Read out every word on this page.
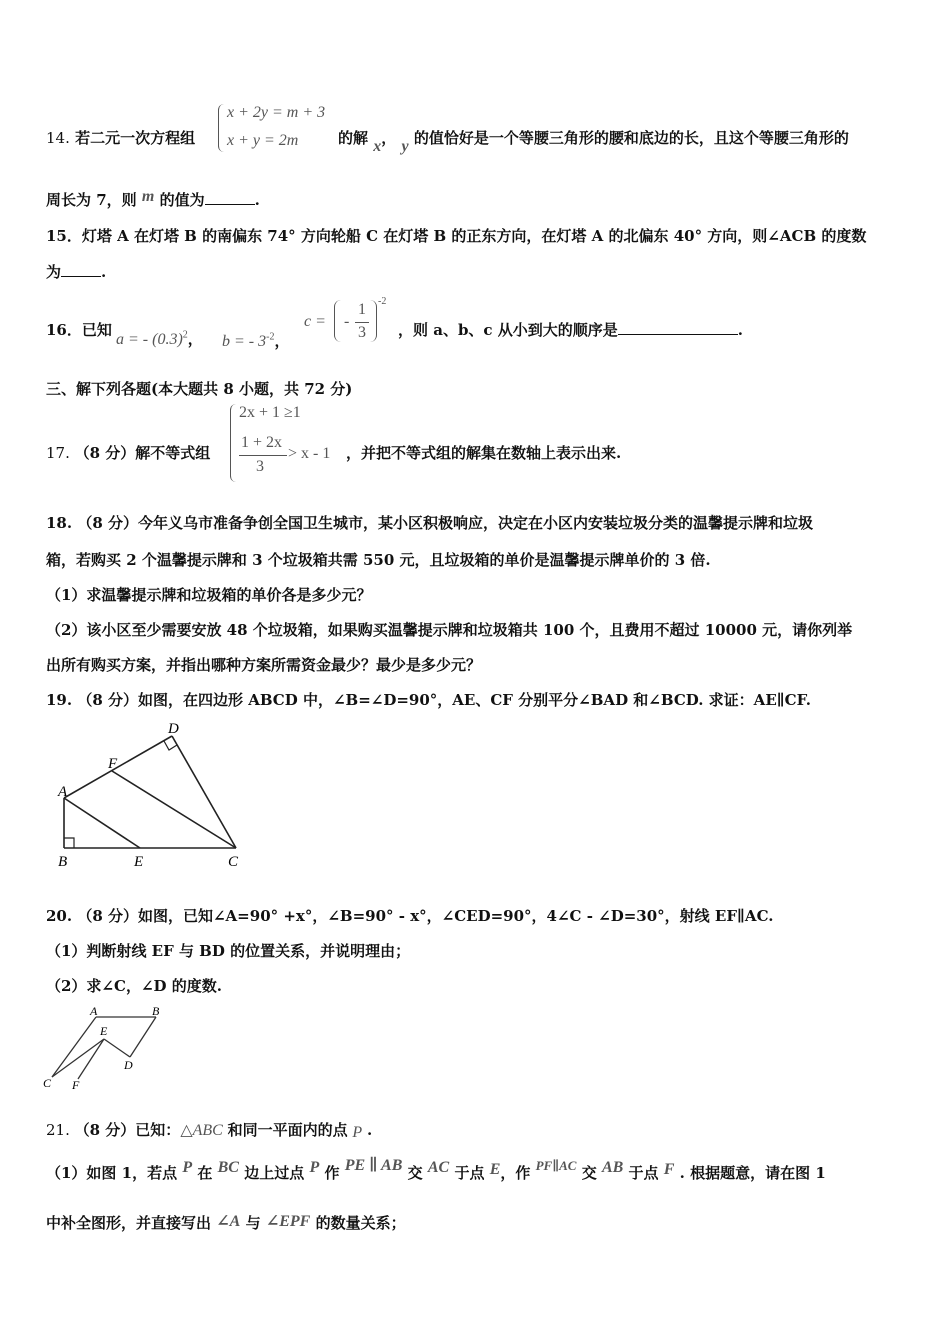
x + 2y = m + 3
x + y = 2m
14. 若二元一次方程组	的解 x， y 的值恰好是一个等腰三角形的腰和底边的长，且这个等腰三角形的
周长为 7，则 m 的值为	.
15．灯塔 A 在灯塔 B 的南偏东 74° 方向轮船 C 在灯塔 B 的正东方向，在灯塔 A 的北偏东 40° 方向，则∠ACB 的度数
为	.
16．已知
a = - $(0.3)^2$， b = - $3^{-2}$，
c = -
1
3
-2
，则 a、b、c 从小到大的顺序是	.
三、解下列各题(本大题共 8 小题，共 72 分)
2x + 1 ≥1
1 + 2x
3
> x - 1
17. （8 分）解不等式组	，并把不等式组的解集在数轴上表示出来.
18. （8 分）今年义乌市准备争创全国卫生城市，某小区积极响应，决定在小区内安装垃圾分类的温馨提示牌和垃圾
箱，若购买 2 个温馨提示牌和 3 个垃圾箱共需 550 元，且垃圾箱的单价是温馨提示牌单价的 3 倍.
（1）求温馨提示牌和垃圾箱的单价各是多少元？
（2）该小区至少需要安放 48 个垃圾箱，如果购买温馨提示牌和垃圾箱共 100 个，且费用不超过 10000 元，请你列举
出所有购买方案，并指出哪种方案所需资金最少？最少是多少元？
19. （8 分）如图，在四边形 ABCD 中，∠B=∠D=90°，AE、CF 分别平分∠BAD 和∠BCD. 求证：AE∥CF.
D
F
A
B	E	C
20. （8 分）如图，已知∠A=90° +x°，∠B=90° - x°，∠CED=90°，4∠C - ∠D=30°，射线 EF∥AC.
（1）判断射线 EF 与 BD 的位置关系，并说明理由；
（2）求∠C，∠D 的度数.
A	B
E
D
C F
21. （8 分）已知：△ABC 和同一平面内的点 P .
（1）如图 1，若点 P 在 BC 边上过点 P 作 PE ∥ AB 交 AC 于点 E，作 PF∥AC 交 AB 于点 F . 根据题意，请在图 1
中补全图形，并直接写出 ∠A 与 ∠EPF 的数量关系；
